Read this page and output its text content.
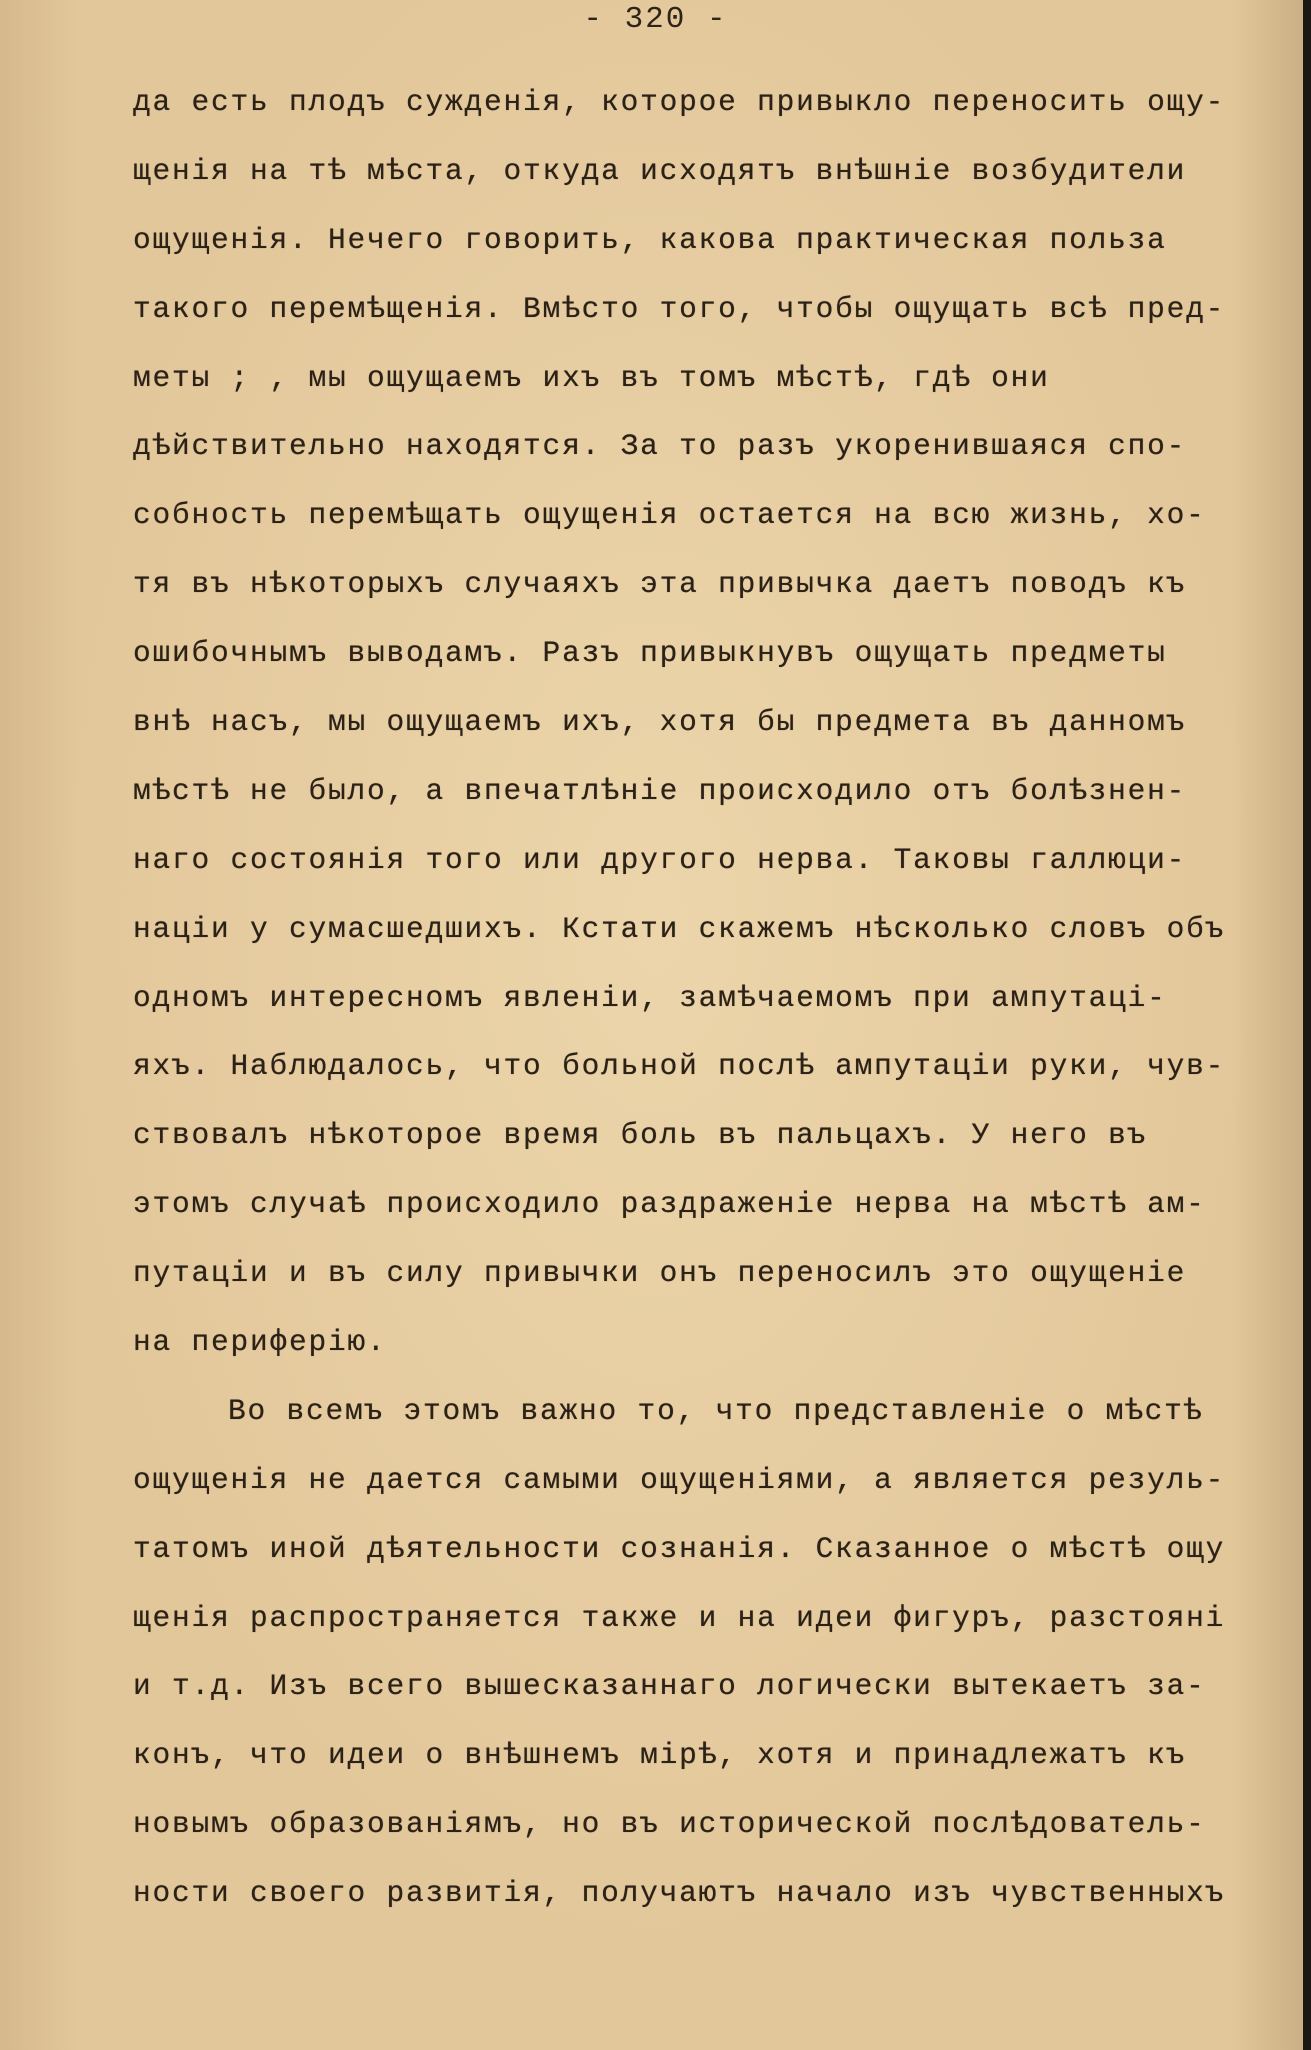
- 320 -
да есть плодъ сужденія, которое привыкло переносить ощу-
щенія на тѣ мѣста, откуда исходятъ внѣшніе возбудители
ощущенія. Нечего говорить, какова практическая польза
такого перемѣщенія. Вмѣсто того, чтобы ощущать всѣ пред-
меты ; , мы ощущаемъ ихъ въ томъ мѣстѣ, гдѣ они
дѣйствительно находятся. За то разъ укоренившаяся спо-
собность перемѣщать ощущенія остается на всю жизнь, хо-
тя въ нѣкоторыхъ случаяхъ эта привычка даетъ поводъ къ
ошибочнымъ выводамъ. Разъ привыкнувъ ощущать предметы
внѣ насъ, мы ощущаемъ ихъ, хотя бы предмета въ данномъ
мѣстѣ не было, а впечатлѣніе происходило отъ болѣзнен-
наго состоянія того или другого нерва. Таковы галлюци-
націи у сумасшедшихъ. Кстати скажемъ нѣсколько словъ объ
одномъ интересномъ явленіи, замѣчаемомъ при ампутаці-
яхъ. Наблюдалось, что больной послѣ ампутаціи руки, чув-
ствовалъ нѣкоторое время боль въ пальцахъ. У него въ
этомъ случаѣ происходило раздраженіе нерва на мѣстѣ ам-
путаціи и въ силу привычки онъ переносилъ это ощущеніе
на периферію.
Во всемъ этомъ важно то, что представленіе о мѣстѣ
ощущенія не дается самыми ощущеніями, а является резуль-
татомъ иной дѣятельности сознанія. Сказанное о мѣстѣ ощу
щенія распространяется также и на идеи фигуръ, разстоянi
и т.д. Изъ всего вышесказаннаго логически вытекаетъ за-
конъ, что идеи о внѣшнемъ мірѣ, хотя и принадлежатъ къ
новымъ образованіямъ, но въ исторической послѣдователь-
ности своего развитія, получаютъ начало изъ чувственныхъ
